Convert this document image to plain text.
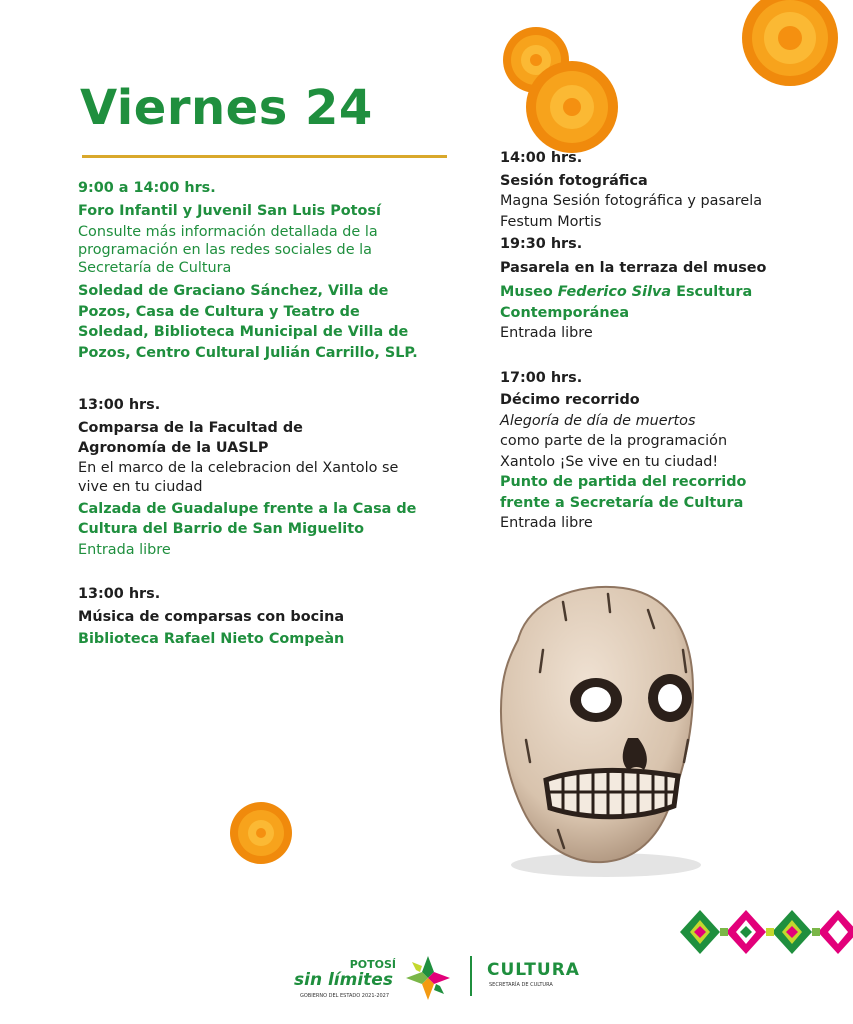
Viernes 24

9:00 a 14:00 hrs.

Foro Infantil y Juvenil San Luis Potosí

Consulte más información detallada de la

programación en las redes sociales de la

Secretaría de Cultura

Soledad de Graciano Sánchez, Villa de

Pozos, Casa de Cultura y Teatro de

Soledad, Biblioteca Municipal de Villa de

Pozos, Centro Cultural Julián Carrillo, SLP.

13:00 hrs.

Comparsa de la Facultad de

Agronomía de la UASLP

En el marco de la celebracion del Xantolo se

vive en tu ciudad

Calzada de Guadalupe frente a la Casa de

Cultura del Barrio de San Miguelito

Entrada libre

13:00 hrs.

Música de comparsas con bocina

Biblioteca Rafael Nieto Compeàn

14:00 hrs.

Sesión fotográfica

Magna Sesión fotográfica y pasarela

Festum Mortis

19:30 hrs.

Pasarela en la terraza del museo

Museo Federico Silva Escultura

Contemporánea

Entrada libre

17:00 hrs.

Décimo recorrido

Alegoría de día de muertos

como parte de la programación

Xantolo ¡Se vive en tu ciudad!

Punto de partida del recorrido

frente a Secretaría de Cultura

Entrada libre

POTOSÍ
sin límites
GOBIERNO DEL ESTADO 2021-2027
CULTURA
SECRETARÍA DE CULTURA
